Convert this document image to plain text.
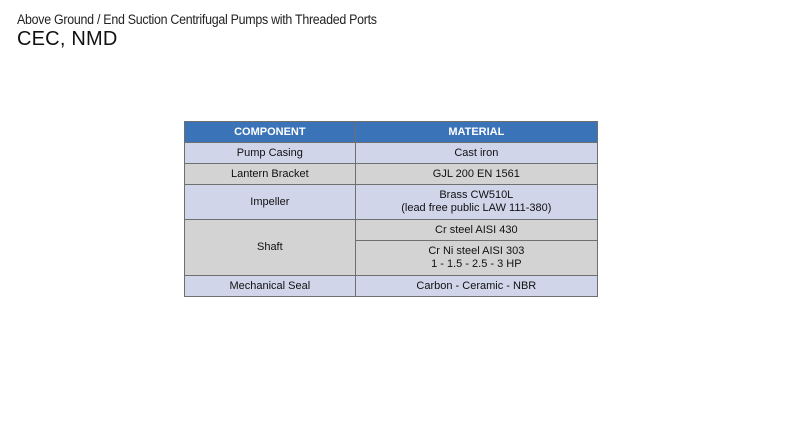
Above Ground / End Suction Centrifugal Pumps with Threaded Ports
CEC, NMD
COMPONENT	MATERIAL
Pump Casing	Cast iron
Lantern Bracket	GJL 200 EN 1561
Impeller	Brass CW510L
(lead free public LAW 111-380)

Shaft	Cr steel AISI 430

	Cr Ni steel AISI 303
1 - 1.5 - 2.5 - 3 HP

Mechanical Seal	Carbon - Ceramic - NBR
